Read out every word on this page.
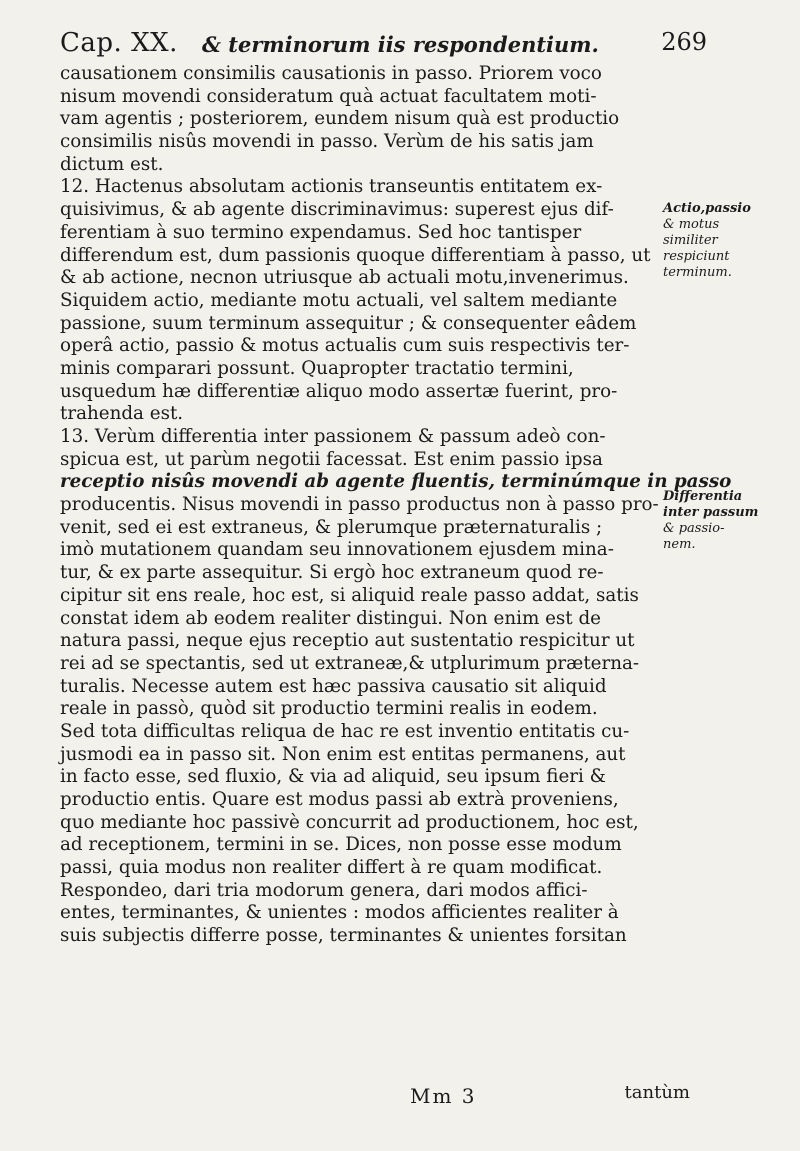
Cap. XX. & terminorum iis respondentium.	269
causationem consimilis causationis in passo. Priorem voco
nisum movendi consideratum quà actuat facultatem moti-
vam agentis ; posteriorem, eundem nisum quà est productio
consimilis nisûs movendi in passo. Verùm de his satis jam
dictum est.
12. Hactenus absolutam actionis transeuntis entitatem ex-
quisivimus, & ab agente discriminavimus: superest ejus dif-
ferentiam à suo termino expendamus. Sed hoc tantisper
differendum est, dum passionis quoque differentiam à passo, ut
& ab actione, necnon utriusque ab actuali motu,invenerimus.
Siquidem actio, mediante motu actuali, vel saltem mediante
passione, suum terminum assequitur ; & consequenter eâdem
operâ actio, passio & motus actualis cum suis respectivis ter-
minis comparari possunt. Quapropter tractatio termini,
usquedum hæ differentiæ aliquo modo assertæ fuerint, pro-
trahenda est.
13. Verùm differentia inter passionem & passum adeò con-
spicua est, ut parùm negotii facessat. Est enim passio ipsa
receptio nisûs movendi ab agente fluentis, terminúmque in passo
producentis. Nisus movendi in passo productus non à passo pro-
venit, sed ei est extraneus, & plerumque præternaturalis ;
imò mutationem quandam seu innovationem ejusdem mina-
tur, & ex parte assequitur. Si ergò hoc extraneum quod re-
cipitur sit ens reale, hoc est, si aliquid reale passo addat, satis
constat idem ab eodem realiter distingui. Non enim est de
natura passi, neque ejus receptio aut sustentatio respicitur ut
rei ad se spectantis, sed ut extraneæ,& utplurimum præterna-
turalis. Necesse autem est hæc passiva causatio sit aliquid
reale in passò, quòd sit productio termini realis in eodem.
Sed tota difficultas reliqua de hac re est inventio entitatis cu-
jusmodi ea in passo sit. Non enim est entitas permanens, aut
in facto esse, sed fluxio, & via ad aliquid, seu ipsum fieri &
productio entis. Quare est modus passi ab extrà proveniens,
quo mediante hoc passivè concurrit ad productionem, hoc est,
ad receptionem, termini in se. Dices, non posse esse modum
passi, quia modus non realiter differt à re quam modificat.
Respondeo, dari tria modorum genera, dari modos affici-
entes, terminantes, & unientes : modos afficientes realiter à
suis subjectis differre posse, terminantes & unientes forsitan
Actio,passio
& motus
similiter
respiciunt
terminum.
Differentia
inter passum
& passio-
nem.
Mm 3	tantùm
